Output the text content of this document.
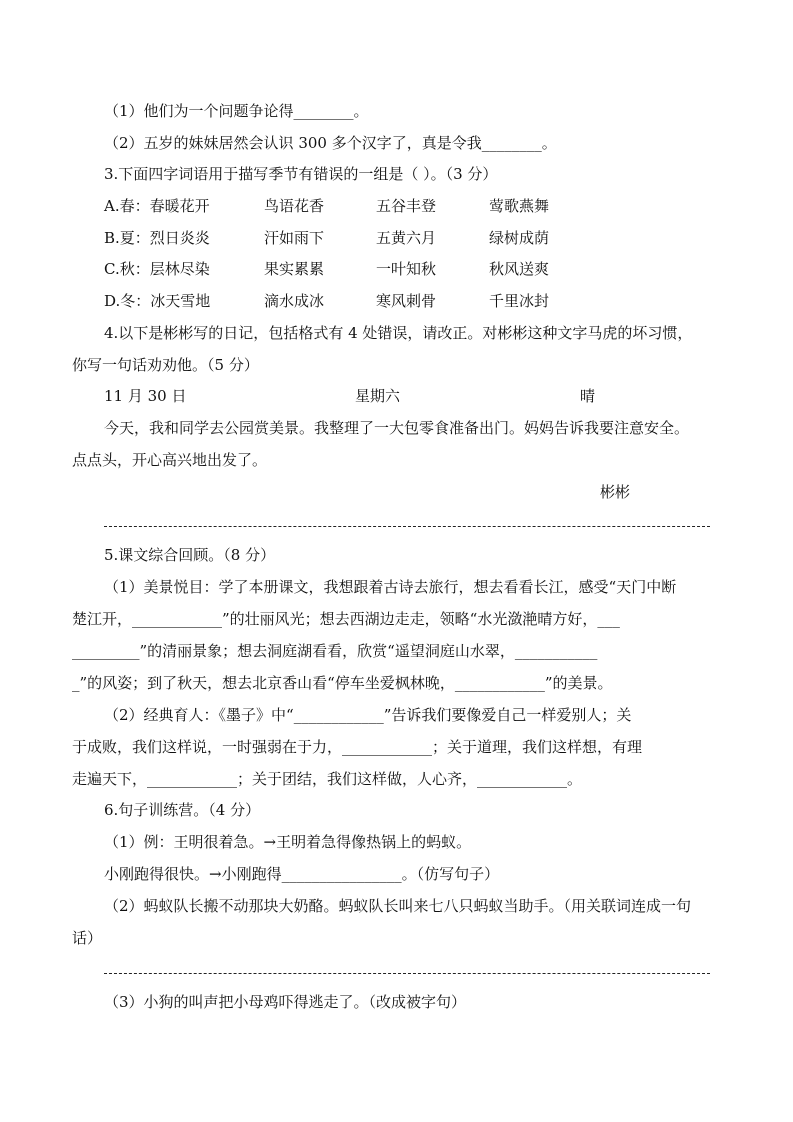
（1）他们为一个问题争论得________。
（2）五岁的妹妹居然会认识 300 多个汉字了，真是令我________。
3.下面四字词语用于描写季节有错误的一组是（ ）。（3 分）
A.春：春暖花开	鸟语花香	五谷丰登	莺歌燕舞
B.夏：烈日炎炎	汗如雨下	五黄六月	绿树成荫
C.秋：层林尽染	果实累累	一叶知秋	秋风送爽
D.冬：冰天雪地	滴水成冰	寒风刺骨	千里冰封
4.以下是彬彬写的日记，包括格式有 4 处错误，请改正。对彬彬这种文字马虎的坏习惯，
你写一句话劝劝他。（5 分）
11 月 30 日	星期六	晴
今天，我和同学去公园赏美景。我整理了一大包零食准备出门。妈妈告诉我要注意安全。
点点头，开心高兴地出发了。
彬彬
5.课文综合回顾。（8 分）
（1）美景悦目：学了本册课文，我想跟着古诗去旅行，想去看看长江，感受“天门中断
楚江开，____________”的壮丽风光；想去西湖边走走，领略“水光潋滟晴方好，___
_________”的清丽景象；想去洞庭湖看看，欣赏“遥望洞庭山水翠，___________
_”的风姿；到了秋天，想去北京香山看“停车坐爱枫林晚，____________”的美景。
（2）经典育人：《墨子》中“____________”告诉我们要像爱自己一样爱别人；关
于成败，我们这样说，一时强弱在于力，____________；关于道理，我们这样想，有理
走遍天下，____________；关于团结，我们这样做，人心齐，____________。
6.句子训练营。（4 分）
（1）例：王明很着急。→王明着急得像热锅上的蚂蚁。
小刚跑得很快。→小刚跑得________________。（仿写句子）
（2）蚂蚁队长搬不动那块大奶酪。蚂蚁队长叫来七八只蚂蚁当助手。（用关联词连成一句
话）
（3）小狗的叫声把小母鸡吓得逃走了。（改成被字句）
